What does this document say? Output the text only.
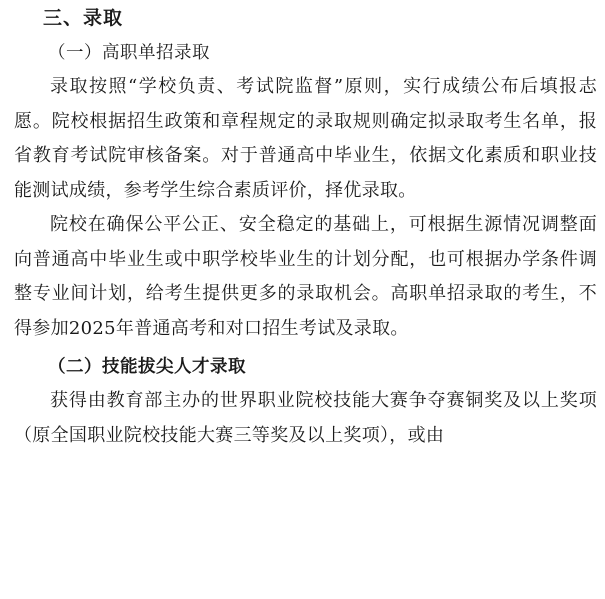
三、录取
（一）高职单招录取

录取按照“学校负责、考试院监督”原则，实行成绩公布后填报志愿。院校根据招生政策和章程规定的录取规则确定拟录取考生名单，报省教育考试院审核备案。对于普通高中毕业生，依据文化素质和职业技能测试成绩，参考学生综合素质评价，择优录取。

院校在确保公平公正、安全稳定的基础上，可根据生源情况调整面向普通高中毕业生或中职学校毕业生的计划分配，也可根据办学条件调整专业间计划，给考生提供更多的录取机会。高职单招录取的考生，不得参加2025年普通高考和对口招生考试及录取。

（二）技能拔尖人才录取

获得由教育部主办的世界职业院校技能大赛争夺赛铜奖及以上奖项（原全国职业院校技能大赛三等奖及以上奖项），或由
